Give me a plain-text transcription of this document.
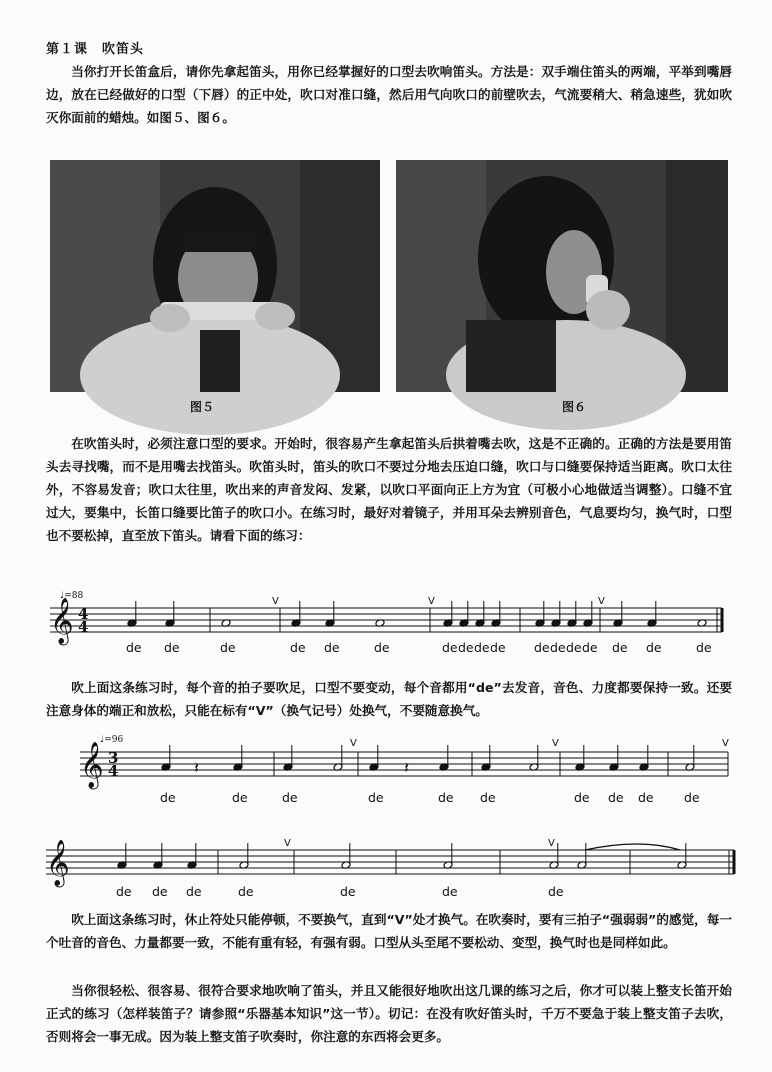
第１课　吹笛头

当你打开长笛盒后，请你先拿起笛头，用你已经掌握好的口型去吹响笛头。方法是：双手端住笛头的两端，平举到嘴唇边，放在已经做好的口型（下唇）的正中处，吹口对准口缝，然后用气向吹口的前壁吹去，气流要稍大、稍急速些，犹如吹灭你面前的蜡烛。如图５、图６。

图５	图６

在吹笛头时，必须注意口型的要求。开始时，很容易产生拿起笛头后拱着嘴去吹，这是不正确的。正确的方法是要用笛头去寻找嘴，而不是用嘴去找笛头。吹笛头时，笛头的吹口不要过分地去压迫口缝，吹口与口缝要保持适当距离。吹口太往外，不容易发音；吹口太往里，吹出来的声音发闷、发紧，以吹口平面向正上方为宜（可极小心地做适当调整）。口缝不宜过大，要集中，长笛口缝要比笛子的吹口小。在练习时，最好对着镜子，并用耳朵去辨别音色，气息要均匀，换气时，口型也不要松掉，直至放下笛头。请看下面的练习：

♩=88
𝄞 4
4
V	V	V
de de	de	de de	de	de de de de de de de de de de	de

吹上面这条练习时，每个音的拍子要吹足，口型不要变动，每个音都用“de”去发音，音色、力度都要保持一致。还要注意身体的端正和放松，只能在标有“V”（换气记号）处换气，不要随意换气。

♩=96
𝄞 3
4	𝄽	𝄽
V	V	V
de	de	de	de	de de	de de de de
𝄞	V	V
de de de	de	de	de	de

吹上面这条练习时，休止符处只能停顿，不要换气，直到“V”处才换气。在吹奏时，要有三拍子“强弱弱”的感觉，每一个吐音的音色、力量都要一致，不能有重有轻，有强有弱。口型从头至尾不要松动、变型，换气时也是同样如此。

当你很轻松、很容易、很符合要求地吹响了笛头，并且又能很好地吹出这几课的练习之后，你才可以装上整支长笛开始正式的练习（怎样装笛子？请参照“乐器基本知识”这一节）。切记：在没有吹好笛头时，千万不要急于装上整支笛子去吹，否则将会一事无成。因为装上整支笛子吹奏时，你注意的东西将会更多。
